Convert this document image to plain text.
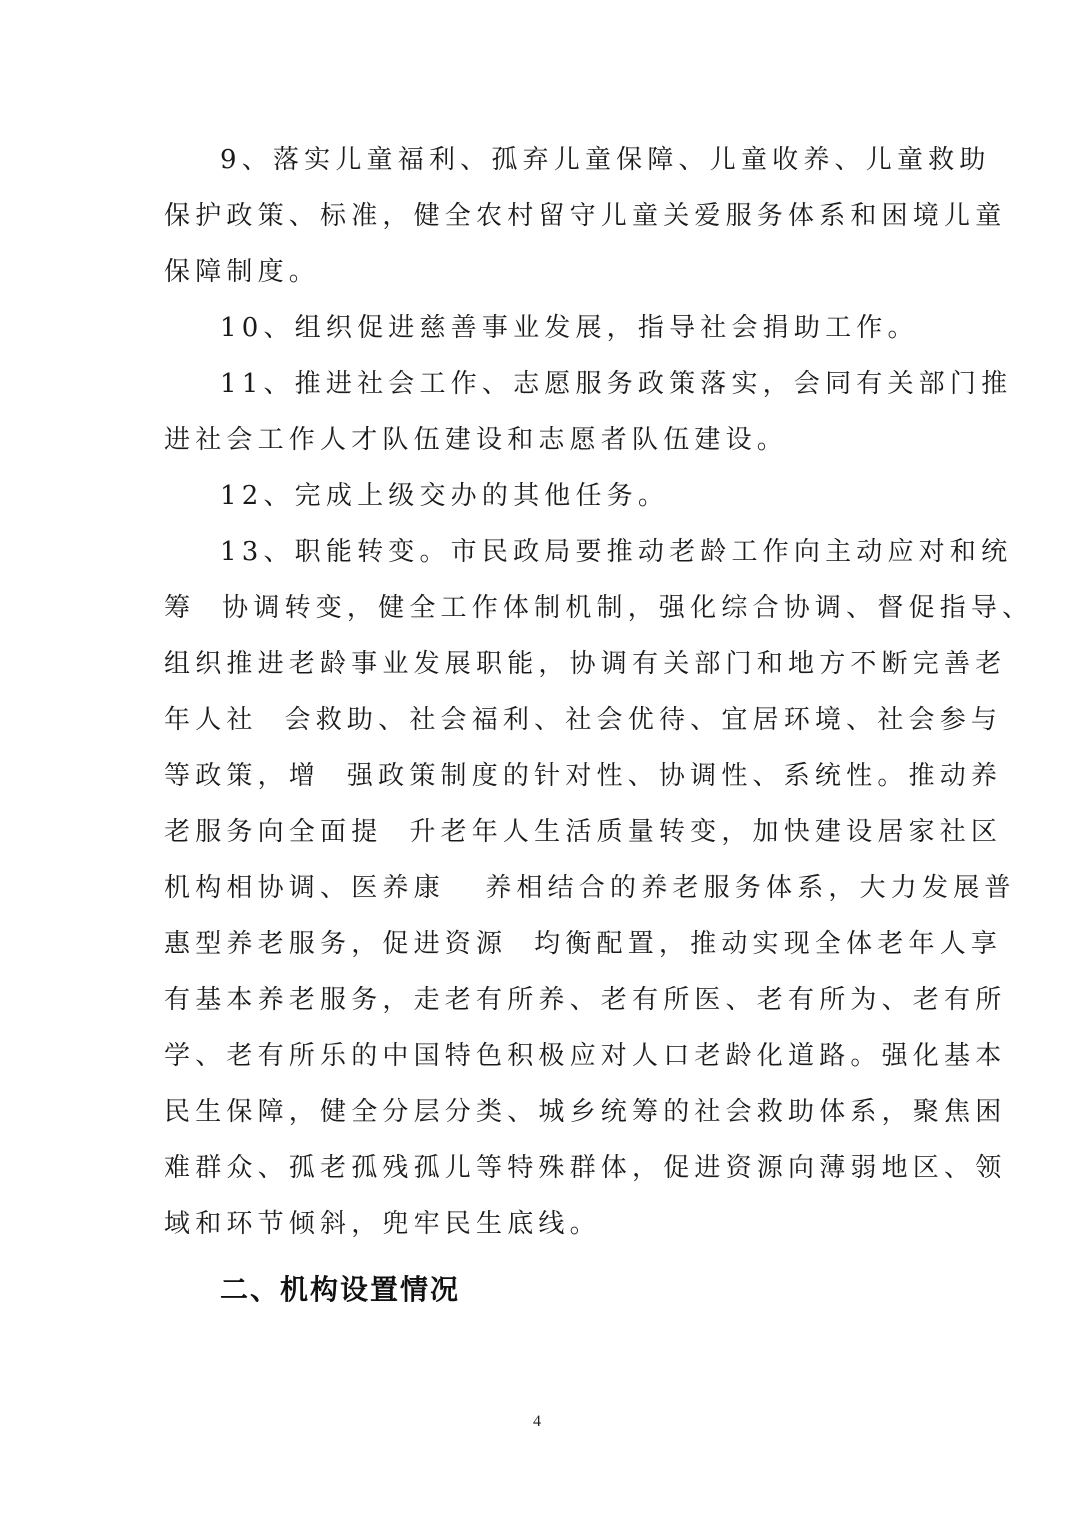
9、落实儿童福利、孤弃儿童保障、儿童收养、儿童救助
保护政策、标准，健全农村留守儿童关爱服务体系和困境儿童
保障制度。
10、组织促进慈善事业发展，指导社会捐助工作。
11、推进社会工作、志愿服务政策落实，会同有关部门推
进社会工作人才队伍建设和志愿者队伍建设。
12、完成上级交办的其他任务。
13、职能转变。市民政局要推动老龄工作向主动应对和统
筹  协调转变，健全工作体制机制，强化综合协调、督促指导、
组织推进老龄事业发展职能，协调有关部门和地方不断完善老
年人社  会救助、社会福利、社会优待、宜居环境、社会参与
等政策，增  强政策制度的针对性、协调性、系统性。推动养
老服务向全面提  升老年人生活质量转变，加快建设居家社区
机构相协调、医养康   养相结合的养老服务体系，大力发展普
惠型养老服务，促进资源  均衡配置，推动实现全体老年人享
有基本养老服务，走老有所养、老有所医、老有所为、老有所
学、老有所乐的中国特色积极应对人口老龄化道路。强化基本
民生保障，健全分层分类、城乡统筹的社会救助体系，聚焦困
难群众、孤老孤残孤儿等特殊群体，促进资源向薄弱地区、领
域和环节倾斜，兜牢民生底线。
二、机构设置情况
4
